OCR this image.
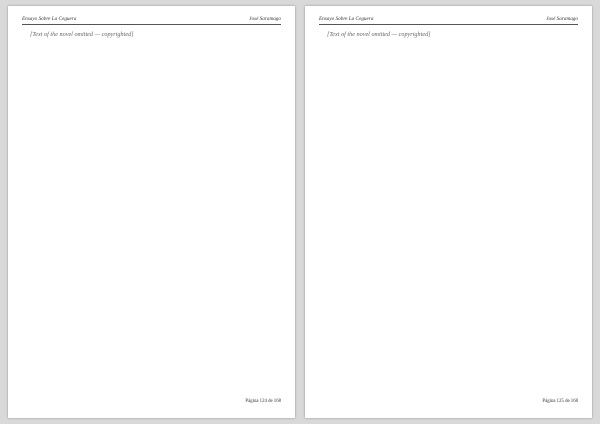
Ensayo Sobre La Ceguera	José Saramago

[Text of the novel omitted — copyrighted]

Página 124 de 168
Ensayo Sobre La Ceguera	José Saramago

[Text of the novel omitted — copyrighted]

Página 125 de 168
